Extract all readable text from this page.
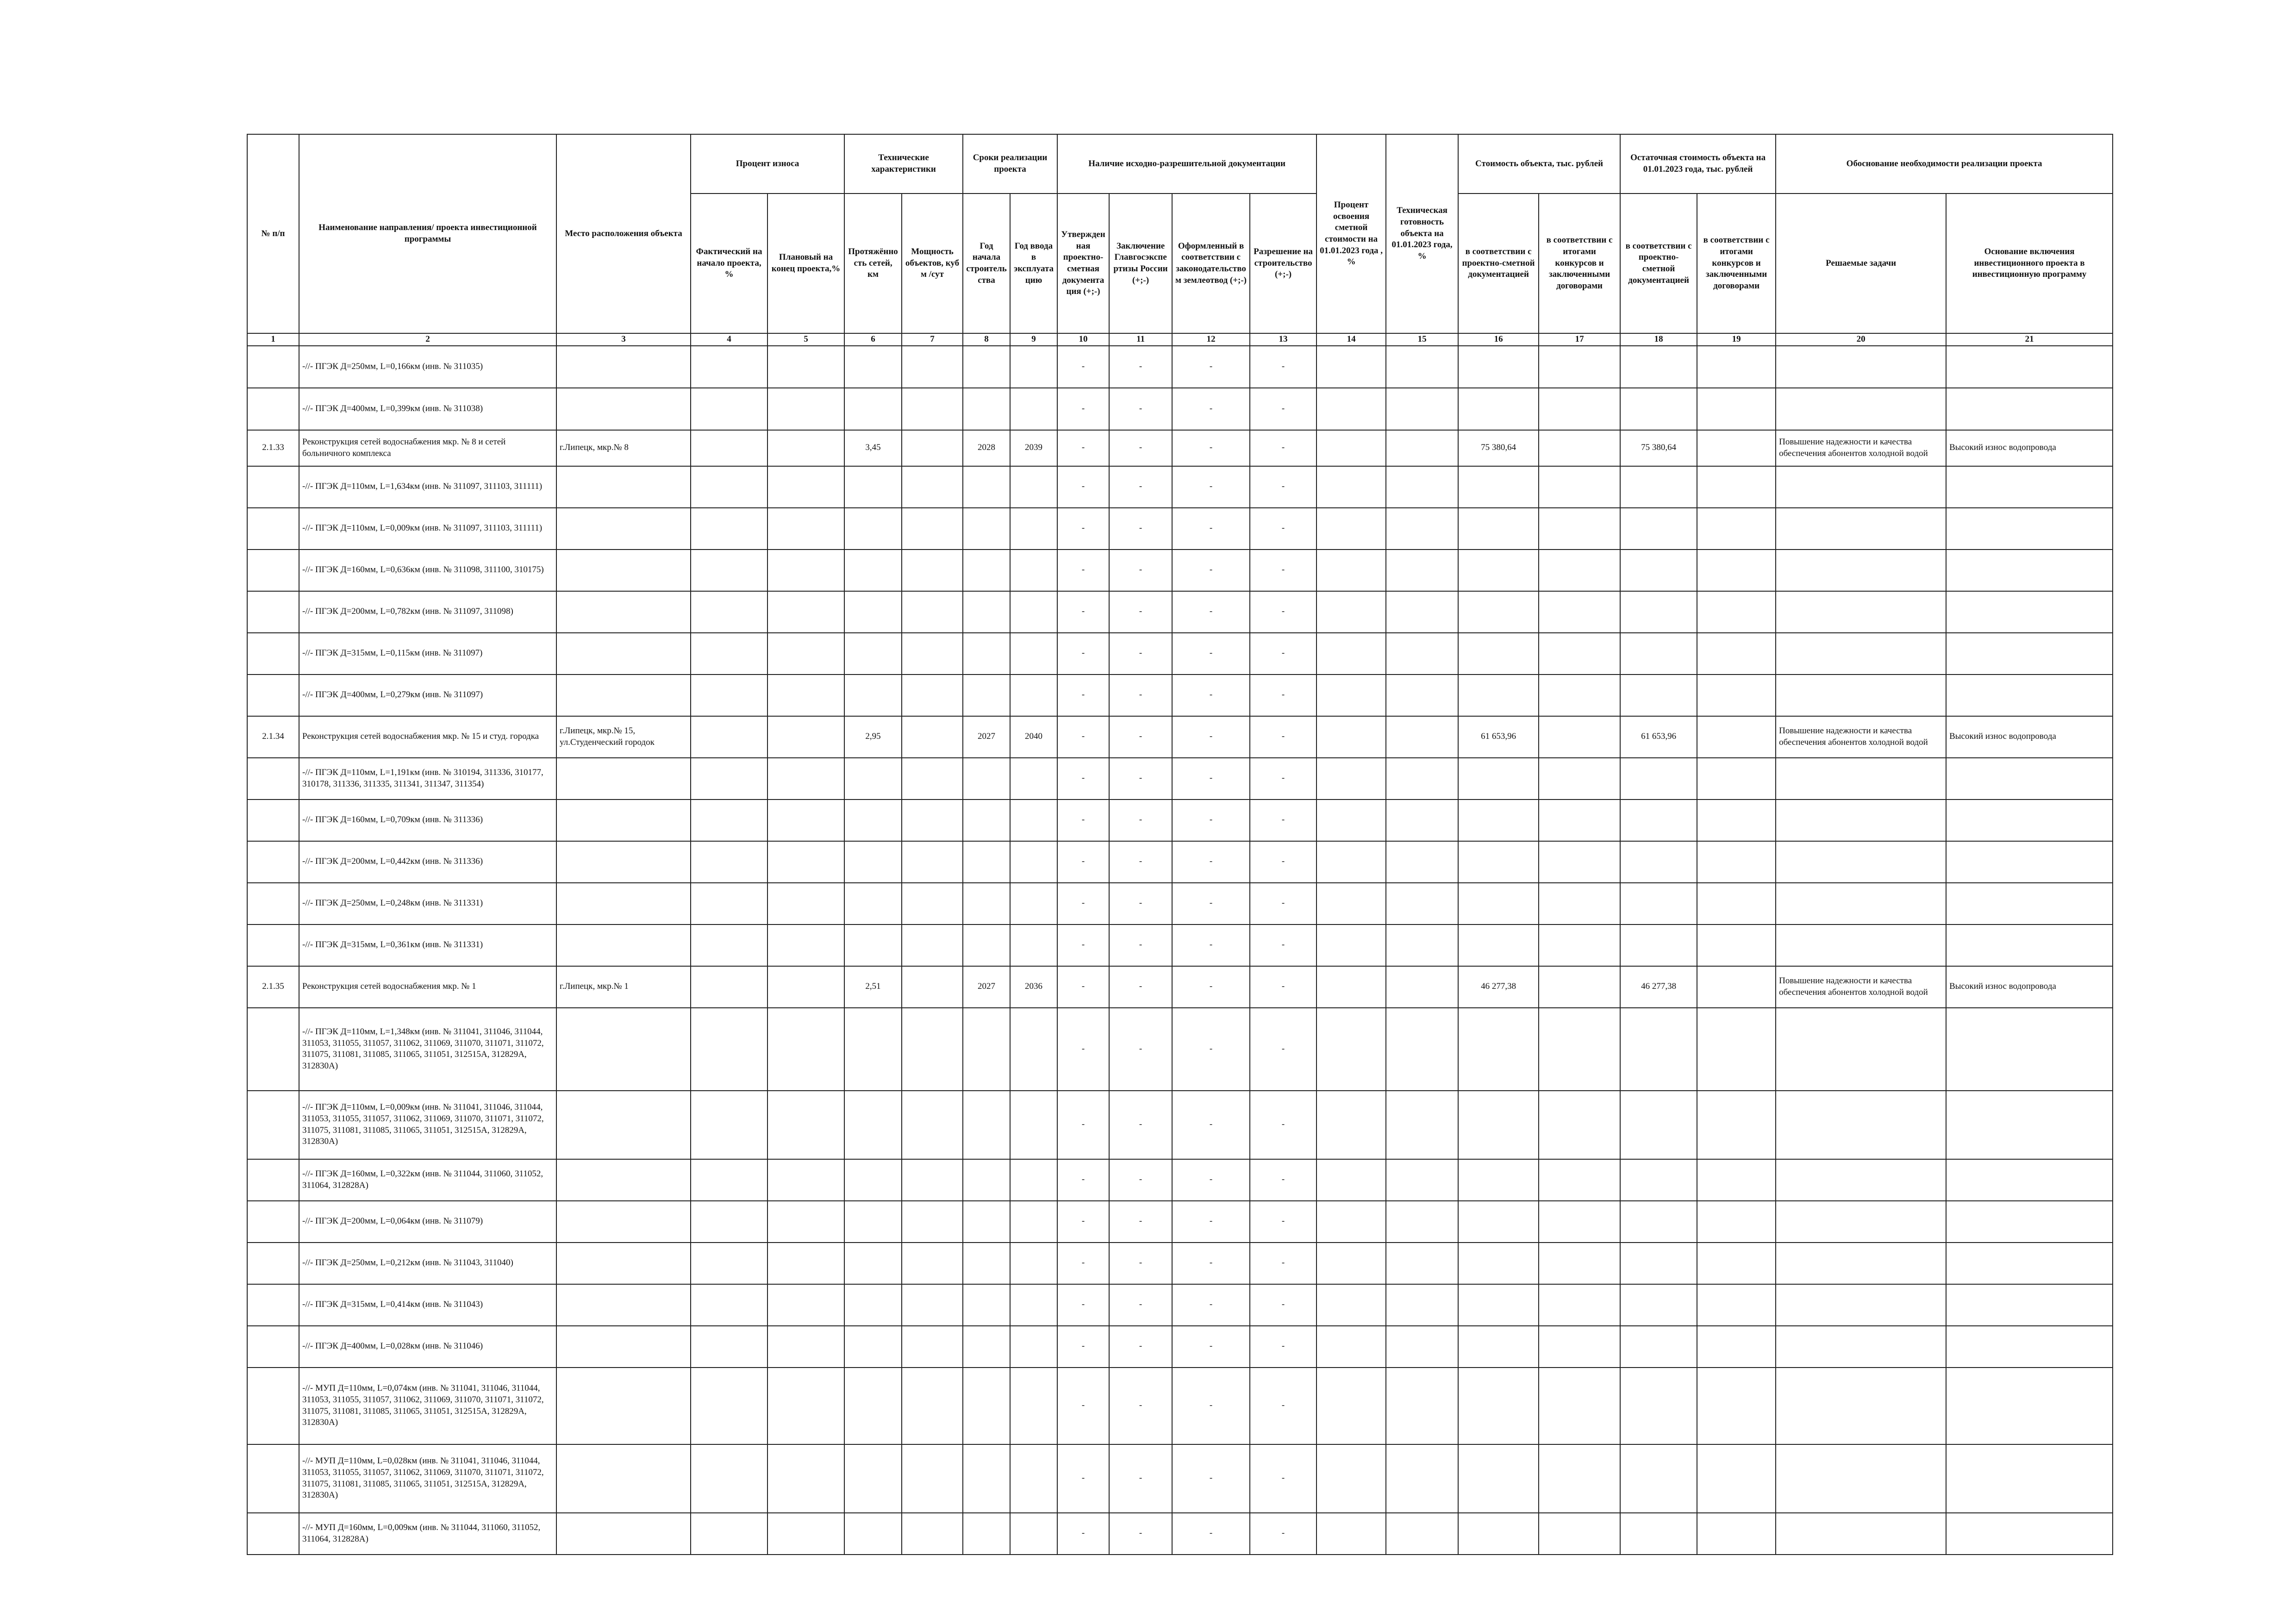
№ п/п	Наименование направления/ проекта инвестиционной программы	Место расположения объекта	Процент износа		Технические характеристики		Сроки реализации проекта		Наличие исходно-разрешительной документации				Процент освоения сметной стоимости на 01.01.2023 года , %	Техническая готовность объекта на 01.01.2023 года, %	Стоимость объекта, тыс. рублей		Остаточная стоимость объекта на 01.01.2023 года, тыс. рублей		Обоснование необходимости реализации проекта	
			Фактический на начало проекта, %	Плановый на конец проекта,%	Протяжённость сетей, км	Мощность объектов, куб м /сут	Год начала строительства	Год ввода в эксплуатацию	Утвержденная проектно-сметная документация (+;-)	Заключение Главгосэкспертизы России (+;-)	Оформленный в соответствии с законодательством землеотвод (+;-)	Разрешение на строительство (+;-)			в соответствии с проектно-сметной документацией	в соответствии с итогами конкурсов и заключенными договорами	в соответствии с проектно-сметной документацией	в соответствии с итогами конкурсов и заключенными договорами	Решаемые задачи	Основание включения инвестиционного проекта в инвестиционную программу
1	2	3	4	5	6	7	8	9	10	11	12	13	14	15	16	17	18	19	20	21
	-//- ПГЭК Д=250мм, L=0,166км (инв. № 311035)								-	-	-	-								
	-//- ПГЭК Д=400мм, L=0,399км (инв. № 311038)								-	-	-	-								
2.1.33	Реконструкция сетей водоснабжения мкр. № 8 и сетей больничного комплекса	г.Липецк, мкр.№ 8			3,45		2028	2039	-	-	-	-			75 380,64		75 380,64		Повышение надежности и качества обеспечения абонентов холодной водой	Высокий износ водопровода
	-//- ПГЭК Д=110мм, L=1,634км (инв. № 311097, 311103, 311111)								-	-	-	-								
	-//- ПГЭК Д=110мм, L=0,009км (инв. № 311097, 311103, 311111)								-	-	-	-								
	-//- ПГЭК Д=160мм, L=0,636км (инв. № 311098, 311100, 310175)								-	-	-	-								
	-//- ПГЭК Д=200мм, L=0,782км (инв. № 311097, 311098)								-	-	-	-								
	-//- ПГЭК Д=315мм, L=0,115км (инв. № 311097)								-	-	-	-								
	-//- ПГЭК Д=400мм, L=0,279км (инв. № 311097)								-	-	-	-								
2.1.34	Реконструкция сетей водоснабжения мкр. № 15 и студ. городка	г.Липецк, мкр.№ 15, ул.Студенческий городок			2,95		2027	2040	-	-	-	-			61 653,96		61 653,96		Повышение надежности и качества обеспечения абонентов холодной водой	Высокий износ водопровода
	-//- ПГЭК Д=110мм, L=1,191км (инв. № 310194, 311336, 310177, 310178, 311336, 311335, 311341, 311347, 311354)								-	-	-	-								
	-//- ПГЭК Д=160мм, L=0,709км (инв. № 311336)								-	-	-	-								
	-//- ПГЭК Д=200мм, L=0,442км (инв. № 311336)								-	-	-	-								
	-//- ПГЭК Д=250мм, L=0,248км (инв. № 311331)								-	-	-	-								
	-//- ПГЭК Д=315мм, L=0,361км (инв. № 311331)								-	-	-	-								
2.1.35	Реконструкция сетей водоснабжения мкр. № 1	г.Липецк, мкр.№ 1			2,51		2027	2036	-	-	-	-			46 277,38		46 277,38		Повышение надежности и качества обеспечения абонентов холодной водой	Высокий износ водопровода
	-//- ПГЭК Д=110мм, L=1,348км (инв. № 311041, 311046, 311044, 311053, 311055, 311057, 311062, 311069, 311070, 311071, 311072, 311075, 311081, 311085, 311065, 311051, 312515А, 312829А, 312830А)								-	-	-	-								
	-//- ПГЭК Д=110мм, L=0,009км (инв. № 311041, 311046, 311044, 311053, 311055, 311057, 311062, 311069, 311070, 311071, 311072, 311075, 311081, 311085, 311065, 311051, 312515А, 312829А, 312830А)								-	-	-	-								
	-//- ПГЭК Д=160мм, L=0,322км (инв. № 311044, 311060, 311052, 311064, 312828А)								-	-	-	-								
	-//- ПГЭК Д=200мм, L=0,064км (инв. № 311079)								-	-	-	-								
	-//- ПГЭК Д=250мм, L=0,212км (инв. № 311043, 311040)								-	-	-	-								
	-//- ПГЭК Д=315мм, L=0,414км (инв. № 311043)								-	-	-	-								
	-//- ПГЭК Д=400мм, L=0,028км (инв. № 311046)								-	-	-	-								
	-//- МУП Д=110мм, L=0,074км (инв. № 311041, 311046, 311044, 311053, 311055, 311057, 311062, 311069, 311070, 311071, 311072, 311075, 311081, 311085, 311065, 311051, 312515А, 312829А, 312830А)								-	-	-	-								
	-//- МУП Д=110мм, L=0,028км (инв. № 311041, 311046, 311044, 311053, 311055, 311057, 311062, 311069, 311070, 311071, 311072, 311075, 311081, 311085, 311065, 311051, 312515А, 312829А, 312830А)								-	-	-	-								
	-//- МУП Д=160мм, L=0,009км (инв. № 311044, 311060, 311052, 311064, 312828А)								-	-	-	-								
